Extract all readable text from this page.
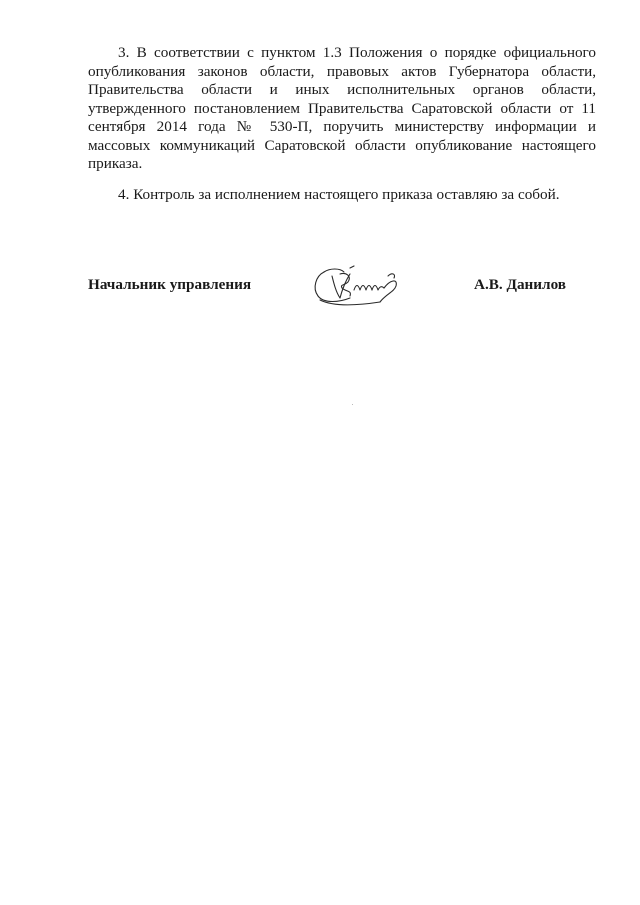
3. В соответствии с пунктом 1.3 Положения о порядке официального опубликования законов области, правовых актов Губернатора области, Правительства области и иных исполнительных органов области, утвержденного постановлением Правительства Саратовской области от 11 сентября 2014 года № 530-П, поручить министерству информации и массовых коммуникаций Саратовской области опубликование настоящего приказа.

4. Контроль за исполнением настоящего приказа оставляю за собой.

Начальник управления	А.В. Данилов
